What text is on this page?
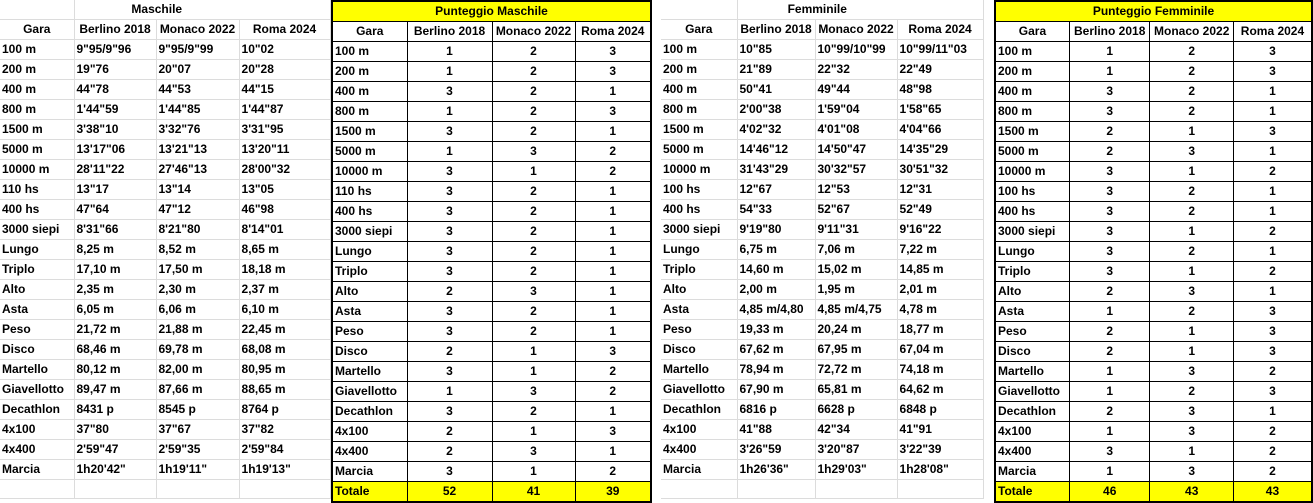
	Maschile		
Gara	Berlino 2018	Monaco 2022	Roma 2024
100 m	9"95/9"96	9"95/9"99	10"02
200 m	19"76	20"07	20"28
400 m	44"78	44"53	44"15
800 m	1'44"59	1'44"85	1'44"87
1500 m	3'38"10	3'32"76	3'31"95
5000 m	13'17"06	13'21"13	13'20"11
10000 m	28'11"22	27'46"13	28'00"32
110 hs	13"17	13"14	13"05
400 hs	47"64	47"12	46"98
3000 siepi	8'31"66	8'21"80	8'14"01
Lungo	8,25 m	8,52 m	8,65 m
Triplo	17,10 m	17,50 m	18,18 m
Alto	2,35 m	2,30 m	2,37 m
Asta	6,05 m	6,06 m	6,10 m
Peso	21,72 m	21,88 m	22,45 m
Disco	68,46 m	69,78 m	68,08 m
Martello	80,12 m	82,00 m	80,95 m
Giavellotto	89,47 m	87,66 m	88,65 m
Decathlon	8431 p	8545 p	8764 p
4x100	37"80	37"67	37"82
4x400	2'59"47	2'59"35	2'59"84
Marcia	1h20'42"	1h19'11"	1h19'13"

Punteggio Maschile			
Gara	Berlino 2018	Monaco 2022	Roma 2024
100 m	1	2	3
200 m	1	2	3
400 m	3	2	1
800 m	1	2	3
1500 m	3	2	1
5000 m	1	3	2
10000 m	3	1	2
110 hs	3	2	1
400 hs	3	2	1
3000 siepi	3	2	1
Lungo	3	2	1
Triplo	3	2	1
Alto	2	3	1
Asta	3	2	1
Peso	3	2	1
Disco	2	1	3
Martello	3	1	2
Giavellotto	1	3	2
Decathlon	3	2	1
4x100	2	1	3
4x400	2	3	1
Marcia	3	1	2
Totale	52	41	39
	Femminile		
Gara	Berlino 2018	Monaco 2022	Roma 2024
100 m	10"85	10"99/10"99	10"99/11"03
200 m	21"89	22"32	22"49
400 m	50"41	49"44	48"98
800 m	2'00"38	1'59"04	1'58"65
1500 m	4'02"32	4'01"08	4'04"66
5000 m	14'46"12	14'50"47	14'35"29
10000 m	31'43"29	30'32"57	30'51"32
100 hs	12"67	12"53	12"31
400 hs	54"33	52"67	52"49
3000 siepi	9'19"80	9'11"31	9'16"22
Lungo	6,75 m	7,06 m	7,22 m
Triplo	14,60 m	15,02 m	14,85 m
Alto	2,00 m	1,95 m	2,01 m
Asta	4,85 m/4,80	4,85 m/4,75	4,78 m
Peso	19,33 m	20,24 m	18,77 m
Disco	67,62 m	67,95 m	67,04 m
Martello	78,94 m	72,72 m	74,18 m
Giavellotto	67,90 m	65,81 m	64,62 m
Decathlon	6816 p	6628 p	6848 p
4x100	41"88	42"34	41"91
4x400	3'26"59	3'20"87	3'22"39
Marcia	1h26'36"	1h29'03"	1h28'08"

Punteggio Femminile			
Gara	Berlino 2018	Monaco 2022	Roma 2024
100 m	1	2	3
200 m	1	2	3
400 m	3	2	1
800 m	3	2	1
1500 m	2	1	3
5000 m	2	3	1
10000 m	3	1	2
100 hs	3	2	1
400 hs	3	2	1
3000 siepi	3	1	2
Lungo	3	2	1
Triplo	3	1	2
Alto	2	3	1
Asta	1	2	3
Peso	2	1	3
Disco	2	1	3
Martello	1	3	2
Giavellotto	1	2	3
Decathlon	2	3	1
4x100	1	3	2
4x400	3	1	2
Marcia	1	3	2
Totale	46	43	43
